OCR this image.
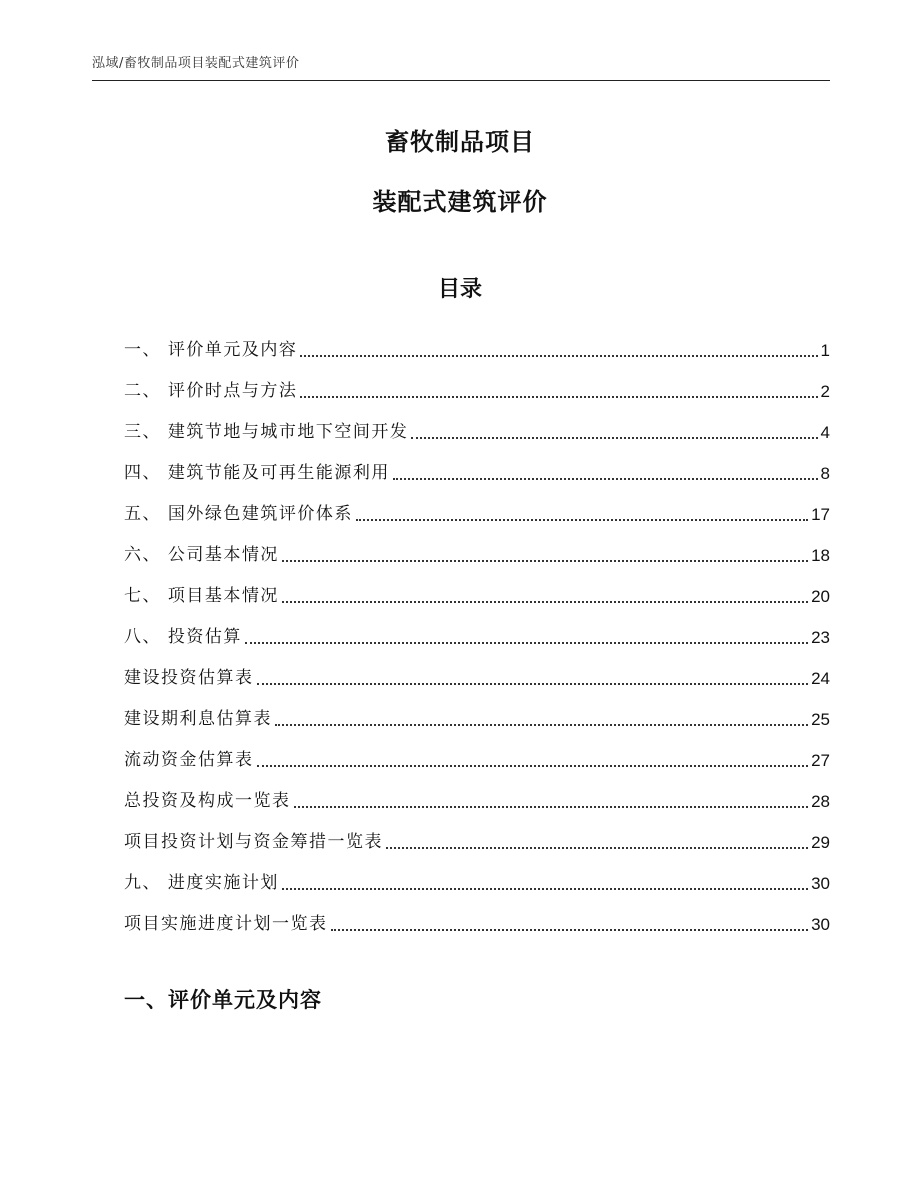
泓域/畜牧制品项目装配式建筑评价
畜牧制品项目
装配式建筑评价
目录
一、 评价单元及内容	1
二、 评价时点与方法	2
三、 建筑节地与城市地下空间开发	4
四、 建筑节能及可再生能源利用	8
五、 国外绿色建筑评价体系	17
六、 公司基本情况	18
七、 项目基本情况	20
八、 投资估算	23
建设投资估算表	24
建设期利息估算表	25
流动资金估算表	27
总投资及构成一览表	28
项目投资计划与资金筹措一览表	29
九、 进度实施计划	30
项目实施进度计划一览表	30
一、评价单元及内容
